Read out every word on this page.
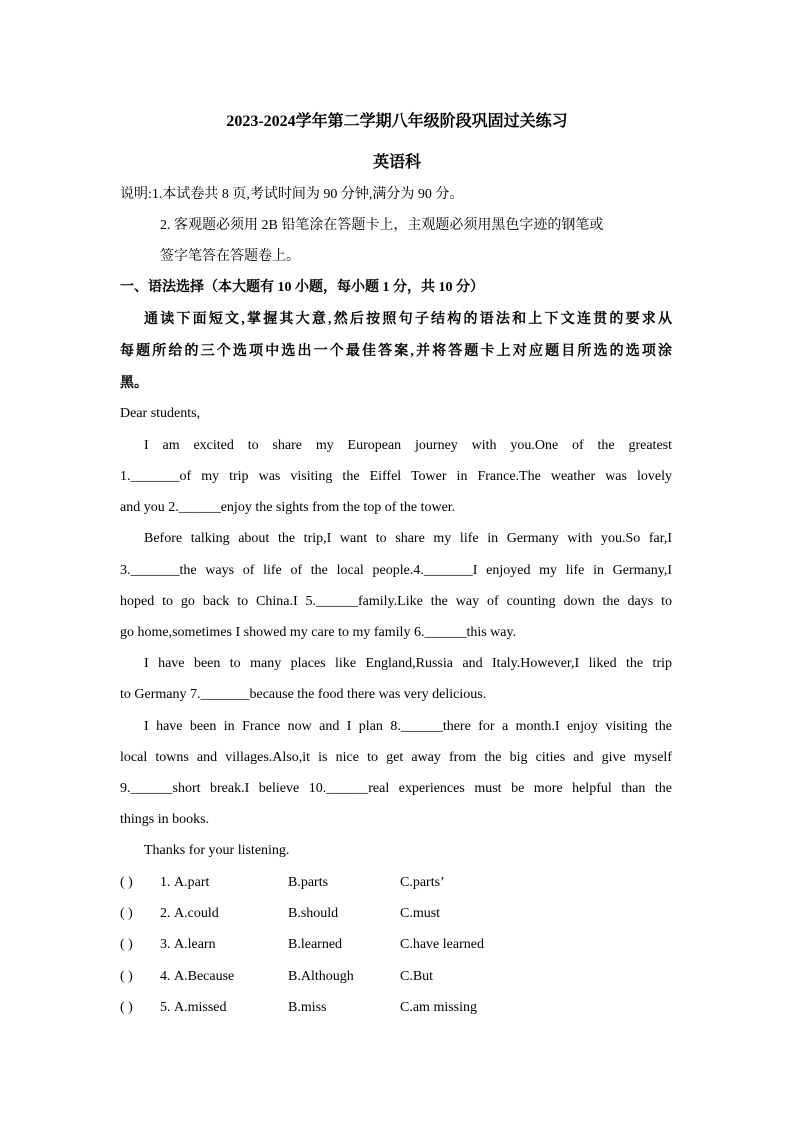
2023-2024学年第二学期八年级阶段巩固过关练习
英语科
说明:1.本试卷共 8 页,考试时间为 90 分钟,满分为 90 分。
2. 客观题必须用 2B 铅笔涂在答题卡上，主观题必须用黑色字迹的钢笔或
签字笔答在答题卷上。
一、语法选择（本大题有 10 小题，每小题 1 分，共 10 分）
通读下面短文,掌握其大意,然后按照句子结构的语法和上下文连贯的要求从
每题所给的三个选项中选出一个最佳答案,并将答题卡上对应题目所选的选项涂
黑。
Dear students,
I am excited to share my European journey with you.One of the greatest
1._______of my trip was visiting the Eiffel Tower in France.The weather was lovely
and you 2.______enjoy the sights from the top of the tower.
Before talking about the trip,I want to share my life in Germany with you.So far,I
3._______the ways of life of the local people.4._______I enjoyed my life in Germany,I
hoped to go back to China.I 5.______family.Like the way of counting down the days to
go home,sometimes I showed my care to my family 6.______this way.
I have been to many places like England,Russia and Italy.However,I liked the trip
to Germany 7._______because the food there was very delicious.
I have been in France now and I plan 8.______there for a month.I enjoy visiting the
local towns and villages.Also,it is nice to get away from the big cities and give myself
9.______short break.I believe 10.______real experiences must be more helpful than the
things in books.
Thanks for your listening.
( ) 1. A.part	B.parts	C.parts’
( ) 2. A.could	B.should	C.must
( ) 3. A.learn	B.learned	C.have learned
( ) 4. A.Because	B.Although	C.But
( ) 5. A.missed	B.miss	C.am missing
